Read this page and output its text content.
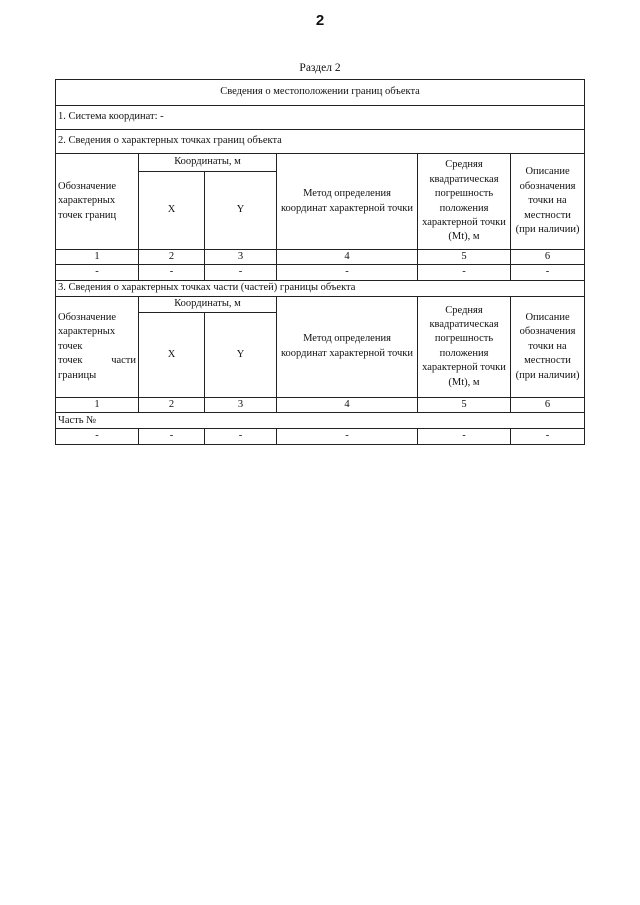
2
Раздел 2
Сведения о местоположении границ объекта					
1. Система координат: -					
2. Сведения о характерных точках границ объекта					
Обозначение характерных точек границ	Координаты, м		Метод определения координат характерной точки	Средняя квадратическая погрешность положения характерной точки (Mt), м	Описание обозначения точки на местности (при наличии)
	X	Y			
1	2	3	4	5	6
-	-	-	-	-	-
3. Сведения о характерных точках части (частей) границы объекта					

Обозначение характерных точек
точек части
границы	Координаты, м		Метод определения координат характерной точки	Средняя квадратическая погрешность положения характерной точки (Mt), м	Описание обозначения точки на местности (при наличии)
	X	Y			
1	2	3	4	5	6
Часть №					
-	-	-	-	-	-
